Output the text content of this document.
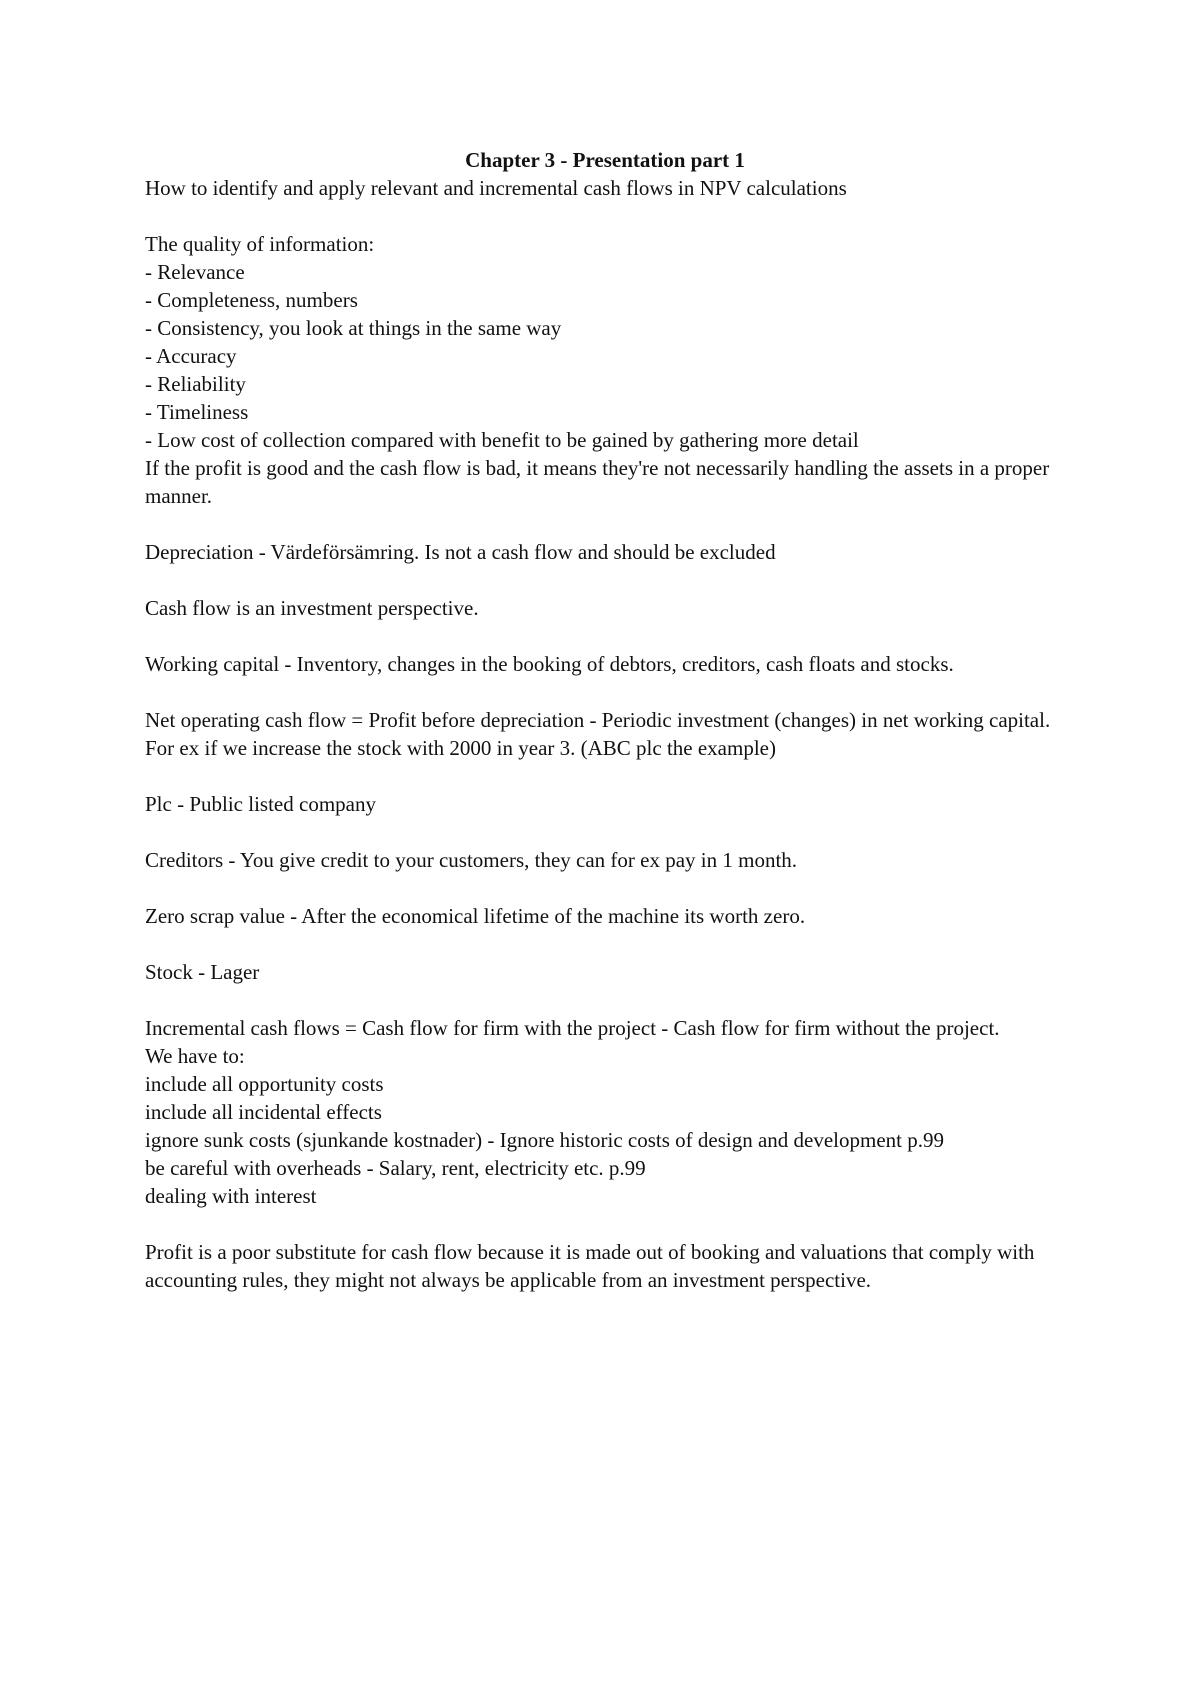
Chapter 3 - Presentation part 1

How to identify and apply relevant and incremental cash flows in NPV calculations

The quality of information:

- Relevance

- Completeness, numbers

- Consistency, you look at things in the same way

- Accuracy

- Reliability

- Timeliness

- Low cost of collection compared with benefit to be gained by gathering more detail

If the profit is good and the cash flow is bad, it means they're not necessarily handling the assets in a proper manner.

Depreciation - Värdeförsämring. Is not a cash flow and should be excluded

Cash flow is an investment perspective.

Working capital - Inventory, changes in the booking of debtors, creditors, cash floats and stocks.

Net operating cash flow = Profit before depreciation - Periodic investment (changes) in net working capital. For ex if we increase the stock with 2000 in year 3. (ABC plc the example)

Plc - Public listed company

Creditors - You give credit to your customers, they can for ex pay in 1 month.

Zero scrap value - After the economical lifetime of the machine its worth zero.

Stock - Lager

Incremental cash flows = Cash flow for firm with the project - Cash flow for firm without the project.

We have to:

include all opportunity costs

include all incidental effects

ignore sunk costs (sjunkande kostnader) - Ignore historic costs of design and development p.99

be careful with overheads - Salary, rent, electricity etc. p.99

dealing with interest

Profit is a poor substitute for cash flow because it is made out of booking and valuations that comply with accounting rules, they might not always be applicable from an investment perspective.
